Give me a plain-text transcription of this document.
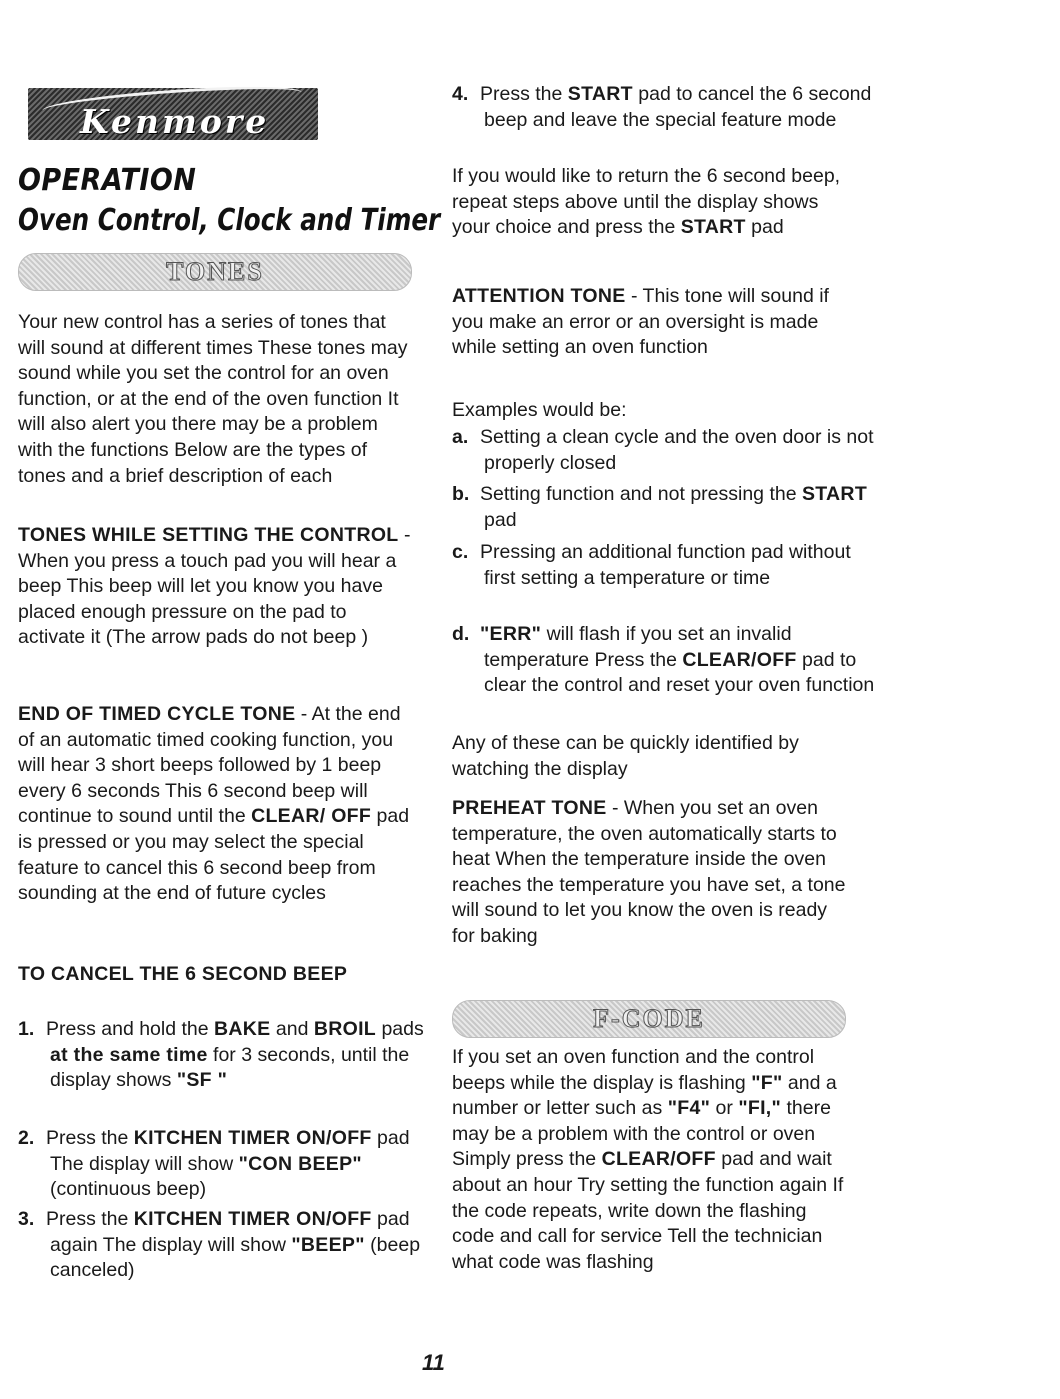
Kenmore
OPERATION
Oven Control, Clock and Timer
TONES
Your new control has a series of tones that will sound at different times These tones may sound while you set the control for an oven function, or at the end of the oven function It will also alert you there may be a problem with the functions Below are the types of tones and a brief description of each
TONES WHILE SETTING THE CONTROL - When you press a touch pad you will hear a beep This beep will let you know you have placed enough pressure on the pad to activate it (The arrow pads do not beep )
END OF TIMED CYCLE TONE - At the end of an automatic timed cooking function, you will hear 3 short beeps followed by 1 beep every 6 seconds This 6 second beep will continue to sound until the CLEAR/ OFF pad is pressed or you may select the special feature to cancel this 6 second beep from sounding at the end of future cycles
TO CANCEL THE 6 SECOND BEEP
1. Press and hold the BAKE and BROIL pads at the same time for 3 seconds, until the display shows "SF "
2. Press the KITCHEN TIMER ON/OFF pad The display will show "CON BEEP" (continuous beep)
3. Press the KITCHEN TIMER ON/OFF pad again The display will show "BEEP" (beep canceled)
4. Press the START pad to cancel the 6 second beep and leave the special feature mode
If you would like to return the 6 second beep, repeat steps above until the display shows your choice and press the START pad
ATTENTION TONE - This tone will sound if you make an error or an oversight is made while setting an oven function
Examples would be:
a. Setting a clean cycle and the oven door is not properly closed
b. Setting function and not pressing the START pad
c. Pressing an additional function pad without first setting a temperature or time
d. "ERR" will flash if you set an invalid temperature Press the CLEAR/OFF pad to clear the control and reset your oven function
Any of these can be quickly identified by watching the display
PREHEAT TONE - When you set an oven temperature, the oven automatically starts to heat When the temperature inside the oven reaches the temperature you have set, a tone will sound to let you know the oven is ready for baking
F-CODE
If you set an oven function and the control beeps while the display is flashing "F" and a number or letter such as "F4" or "FI," there may be a problem with the control or oven Simply press the CLEAR/OFF pad and wait about an hour Try setting the function again If the code repeats, write down the flashing code and call for service Tell the technician what code was flashing
11
